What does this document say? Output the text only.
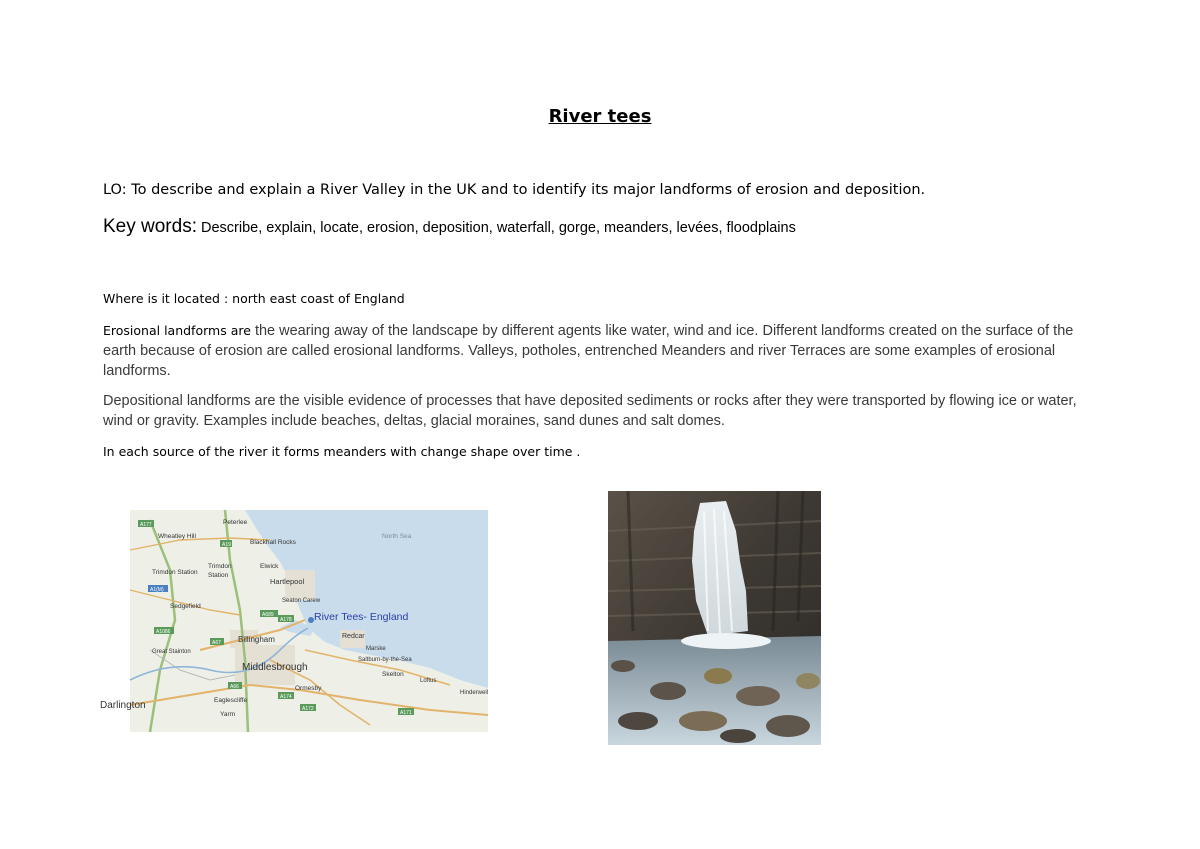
River tees
LO: To describe and explain a River Valley in the UK and to identify its major landforms of erosion and deposition.
Key words: Describe, explain, locate, erosion, deposition, waterfall, gorge, meanders, levées, floodplains
Where is it located : north east coast of England
Erosional landforms are the wearing away of the landscape by different agents like water, wind and ice. Different landforms created on the surface of the earth because of erosion are called erosional landforms. Valleys, potholes, entrenched Meanders and river Terraces are some examples of erosional landforms.
Depositional landforms are the visible evidence of processes that have deposited sediments or rocks after they were transported by flowing ice or water, wind or gravity. Examples include beaches, deltas, glacial moraines, sand dunes and salt domes.
In each source of the river it forms meanders with change shape over time .
River Tees- England
North Sea
Peterlee
Wheatley Hill
Blackhall Rocks
Trimdon Station
Trimdon
Station
Elwick
Hartlepool
Sedgefield
Seaton Carew
Billingham	Redcar
Great Stainton
Middlesbrough
Saltburn-by-the-Sea
Marske
Skelton
Ormesby
Eaglescliffe
Yarm
Darlington
Loftus
Hinderwell
A177
A19
A689
A178
A1(M)
A66
A174
A171
A172
A67
A1086
